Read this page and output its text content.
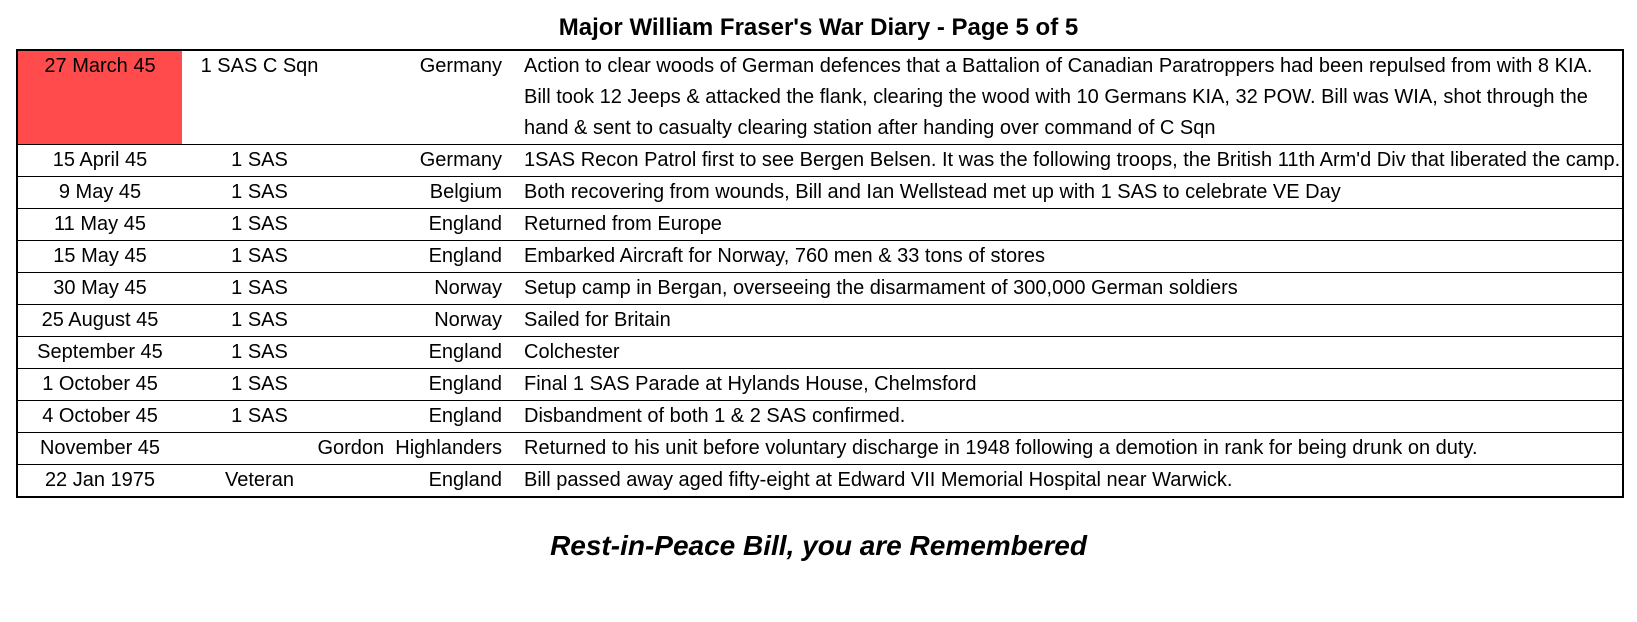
Major William Fraser's War Diary - Page 5 of 5
27 March 45	1 SAS C Sqn	Germany	Action to clear woods of German defences that a Battalion of Canadian Paratroppers had been repulsed from with 8 KIA. Bill took 12 Jeeps & attacked the flank, clearing the wood with 10 Germans KIA, 32 POW. Bill was WIA, shot through the hand & sent to casualty clearing station after handing over command of C Sqn
15 April 45	1 SAS	Germany	1SAS Recon Patrol first to see Bergen Belsen. It was the following troops, the British 11th Arm'd Div that liberated the camp.
9 May 45	1 SAS	Belgium	Both recovering from wounds, Bill and Ian Wellstead met up with 1 SAS to celebrate VE Day
11 May 45	1 SAS	England	Returned from Europe
15 May 45	1 SAS	England	Embarked Aircraft for Norway, 760 men & 33 tons of stores
30 May 45	1 SAS	Norway	Setup camp in Bergan, overseeing the disarmament of 300,000 German soldiers
25 August 45	1 SAS	Norway	Sailed for Britain
September 45	1 SAS	England	Colchester
1 October 45	1 SAS	England	Final 1 SAS Parade at Hylands House, Chelmsford
4 October 45	1 SAS	England	Disbandment of both 1 & 2 SAS confirmed.
November 45	Gordon  Highlanders		Returned to his unit before voluntary discharge in 1948 following a demotion in rank for being drunk on duty.
22 Jan 1975	Veteran	England	Bill passed away aged fifty-eight at Edward VII Memorial Hospital near Warwick.
Rest-in-Peace Bill, you are Remembered
